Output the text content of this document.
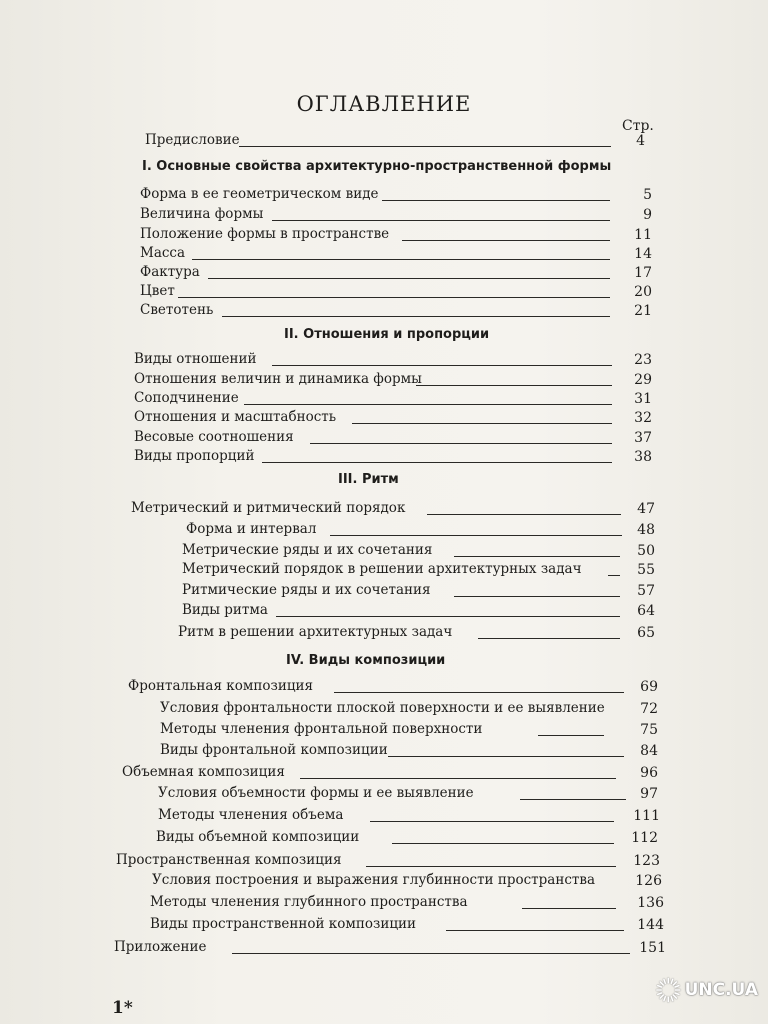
ОГЛАВЛЕНИЕ
Стр.
I. Основные свойства архитектурно-пространственной формы
II. Отношения и пропорции
III. Ритм
IV. Виды композиции
Предисловие	4
Форма в ее геометрическом виде	5
Величина формы	9
Положение формы в пространстве	11
Масса	14
Фактура	17
Цвет	20
Светотень	21
Виды отношений	23
Отношения величин и динамика формы	29
Соподчинение	31
Отношения и масштабность	32
Весовые соотношения	37
Виды пропорций	38
Метрический и ритмический порядок	47
Форма и интервал	48
Метрические ряды и их сочетания	50
Метрический порядок в решении архитектурных задач	55
Ритмические ряды и их сочетания	57
Виды ритма	64
Ритм в решении архитектурных задач	65
Фронтальная композиция	69
Условия фронтальности плоской поверхности и ее выявление	72
Методы членения фронтальной поверхности	75
Виды фронтальной композиции	84
Объемная композиция	96
Условия объемности формы и ее выявление	97
Методы членения объема	111
Виды объемной композиции	112
Пространственная композиция	123
Условия построения и выражения глубинности пространства	126
Методы членения глубинного пространства	136
Виды пространственной композиции	144
Приложение	151
1*
UNC.UA
